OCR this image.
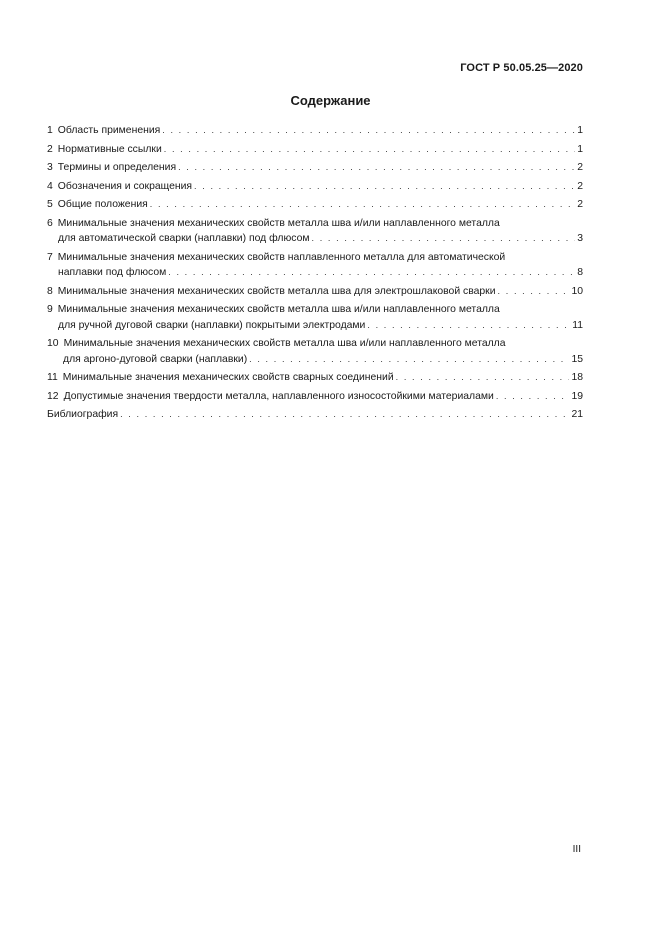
ГОСТ Р 50.05.25—2020
Содержание
1 Область применения . . .	1
2 Нормативные ссылки . . .	1
3 Термины и определения . . .	2
4 Обозначения и сокращения . . .	2
5 Общие положения . . .	2
6 Минимальные значения механических свойств металла шва и/или наплавленного металла
для автоматической сварки (наплавки) под флюсом . . .	3
7 Минимальные значения механических свойств наплавленного металла для автоматической
наплавки под флюсом . . .	8
8 Минимальные значения механических свойств металла шва для электрошлаковой сварки . . .	10
9 Минимальные значения механических свойств металла шва и/или наплавленного металла
для ручной дуговой сварки (наплавки) покрытыми электродами . . .	11
10 Минимальные значения механических свойств металла шва и/или наплавленного металла
для аргоно-дуговой сварки (наплавки) . . .	15
11 Минимальные значения механических свойств сварных соединений . . .	18
12 Допустимые значения твердости металла, наплавленного износостойкими материалами . . .	19
Библиография . . .	21
III
